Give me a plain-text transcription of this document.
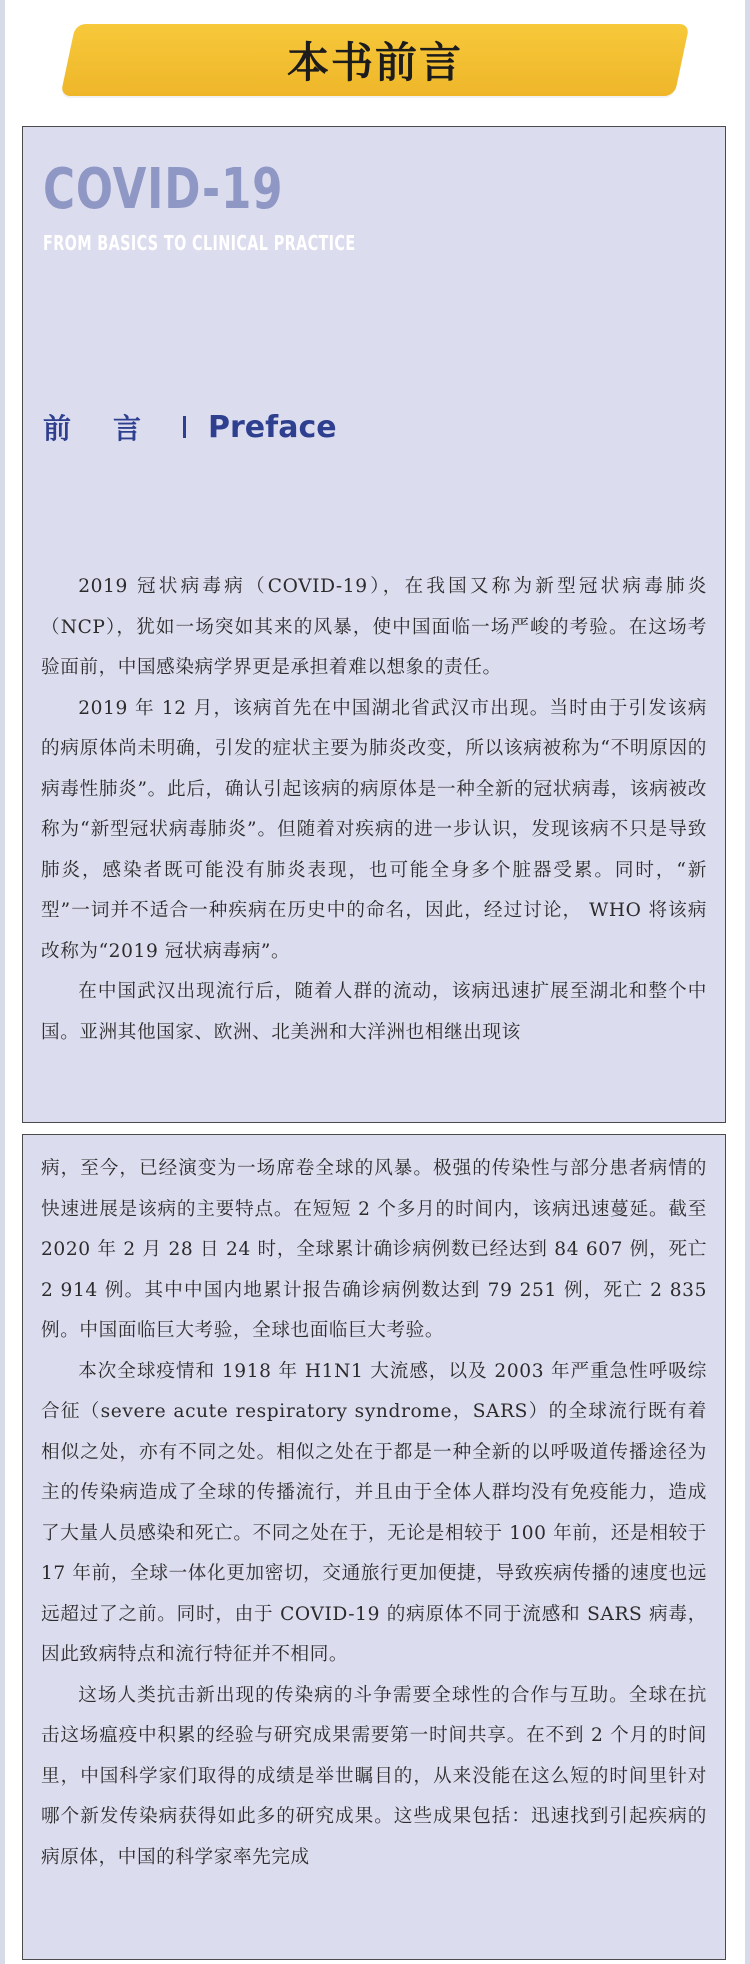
本书前言
COVID-19
FROM BASICS TO CLINICAL PRACTICE
前言 Preface

2019 冠状病毒病（COVID-19），在我国又称为新型冠状病毒肺炎（NCP），犹如一场突如其来的风暴，使中国面临一场严峻的考验。在这场考验面前，中国感染病学界更是承担着难以想象的责任。

2019 年 12 月，该病首先在中国湖北省武汉市出现。当时由于引发该病的病原体尚未明确，引发的症状主要为肺炎改变，所以该病被称为“不明原因的病毒性肺炎”。此后，确认引起该病的病原体是一种全新的冠状病毒，该病被改称为“新型冠状病毒肺炎”。但随着对疾病的进一步认识，发现该病不只是导致肺炎，感染者既可能没有肺炎表现，也可能全身多个脏器受累。同时，“新型”一词并不适合一种疾病在历史中的命名，因此，经过讨论， WHO 将该病改称为“2019 冠状病毒病”。

在中国武汉出现流行后，随着人群的流动，该病迅速扩展至湖北和整个中国。亚洲其他国家、欧洲、北美洲和大洋洲也相继出现该

病，至今，已经演变为一场席卷全球的风暴。极强的传染性与部分患者病情的快速进展是该病的主要特点。在短短 2 个多月的时间内，该病迅速蔓延。截至 2020 年 2 月 28 日 24 时，全球累计确诊病例数已经达到 84 607 例，死亡 2 914 例。其中中国内地累计报告确诊病例数达到 79 251 例，死亡 2 835 例。中国面临巨大考验，全球也面临巨大考验。

本次全球疫情和 1918 年 H1N1 大流感，以及 2003 年严重急性呼吸综合征（severe acute respiratory syndrome，SARS）的全球流行既有着相似之处，亦有不同之处。相似之处在于都是一种全新的以呼吸道传播途径为主的传染病造成了全球的传播流行，并且由于全体人群均没有免疫能力，造成了大量人员感染和死亡。不同之处在于，无论是相较于 100 年前，还是相较于 17 年前，全球一体化更加密切，交通旅行更加便捷，导致疾病传播的速度也远远超过了之前。同时，由于 COVID-19 的病原体不同于流感和 SARS 病毒，因此致病特点和流行特征并不相同。

这场人类抗击新出现的传染病的斗争需要全球性的合作与互助。全球在抗击这场瘟疫中积累的经验与研究成果需要第一时间共享。在不到 2 个月的时间里，中国科学家们取得的成绩是举世瞩目的，从来没能在这么短的时间里针对哪个新发传染病获得如此多的研究成果。这些成果包括：迅速找到引起疾病的病原体，中国的科学家率先完成
